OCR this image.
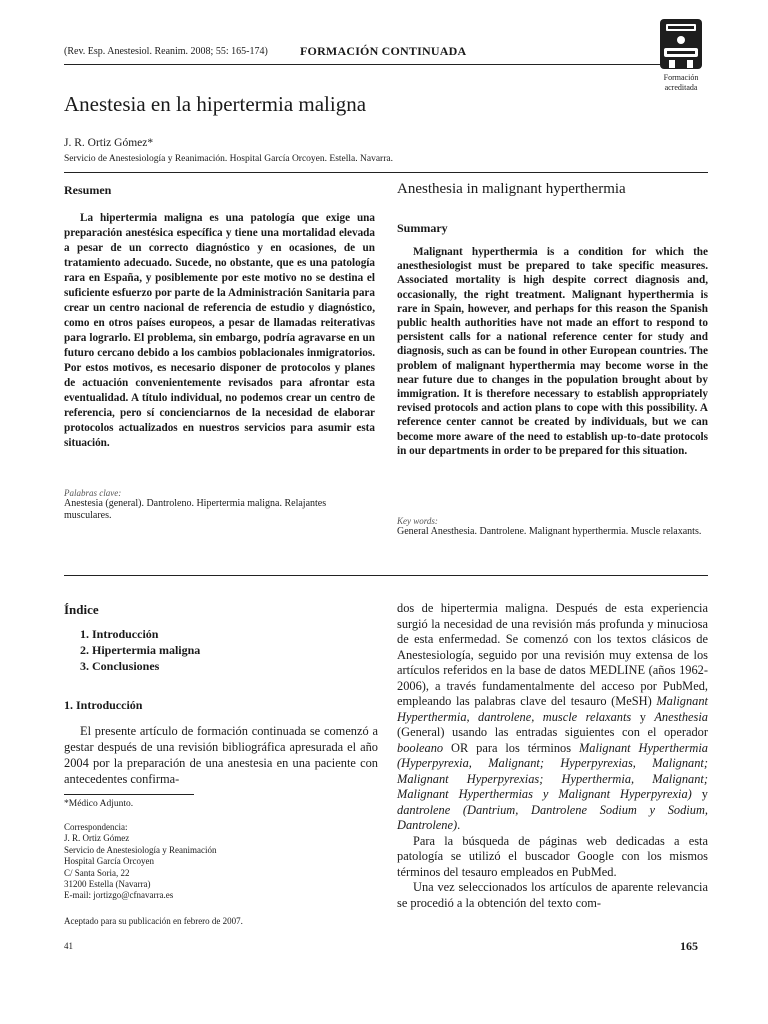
(Rev. Esp. Anestesiol. Reanim. 2008; 55: 165-174)	FORMACIÓN CONTINUADA
Formación
acreditada
Anestesia en la hipertermia maligna
J. R. Ortiz Gómez*
Servicio de Anestesiología y Reanimación. Hospital García Orcoyen. Estella. Navarra.
Resumen
La hipertermia maligna es una patología que exige una preparación anestésica específica y tiene una mortalidad elevada a pesar de un correcto diagnóstico y en ocasiones, de un tratamiento adecuado. Sucede, no obstante, que es una patología rara en España, y posiblemente por este motivo no se destina el suficiente esfuerzo por parte de la Administración Sanitaria para crear un centro nacional de referencia de estudio y diagnóstico, como en otros países europeos, a pesar de llamadas reiterativas para lograrlo. El problema, sin embargo, podría agravarse en un futuro cercano debido a los cambios poblacionales inmigratorios. Por estos motivos, es necesario disponer de protocolos y planes de actuación convenientemente revisados para afrontar esta eventualidad. A título individual, no podemos crear un centro de referencia, pero sí concienciarnos de la necesidad de elaborar protocolos actualizados en nuestros servicios para asumir esta situación.
Palabras clave:
Anestesia (general). Dantroleno. Hipertermia maligna. Relajantes musculares.
Anesthesia in malignant hyperthermia
Summary
Malignant hyperthermia is a condition for which the anesthesiologist must be prepared to take specific measures. Associated mortality is high despite correct diagnosis and, occasionally, the right treatment. Malignant hyperthermia is rare in Spain, however, and perhaps for this reason the Spanish public health authorities have not made an effort to respond to persistent calls for a national reference center for study and diagnosis, such as can be found in other European countries. The problem of malignant hyperthermia may become worse in the near future due to changes in the population brought about by immigration. It is therefore necessary to establish appropriately revised protocols and action plans to cope with this possibility. A reference center cannot be created by individuals, but we can become more aware of the need to establish up-to-date protocols in our departments in order to be prepared for this situation.
Key words:
General Anesthesia. Dantrolene. Malignant hyperthermia. Muscle relaxants.
Índice
1. Introducción
2. Hipertermia maligna
3. Conclusiones
1. Introducción

El presente artículo de formación continuada se comenzó a gestar después de una revisión bibliográfica apresurada el año 2004 por la preparación de una anestesia en una paciente con antecedentes confirma-

*Médico Adjunto.
Correspondencia:
J. R. Ortiz Gómez
Servicio de Anestesiología y Reanimación
Hospital García Orcoyen
C/ Santa Soria, 22
31200 Estella (Navarra)
E-mail: jortizgo@cfnavarra.es
Aceptado para su publicación en febrero de 2007.
41

dos de hipertermia maligna. Después de esta experiencia surgió la necesidad de una revisión más profunda y minuciosa de esta enfermedad. Se comenzó con los textos clásicos de Anestesiología, seguido por una revisión muy extensa de los artículos referidos en la base de datos MEDLINE (años 1962-2006), a través fundamentalmente del acceso por PubMed, empleando las palabras clave del tesauro (MeSH) Malignant Hyperthermia, dantrolene, muscle relaxants y Anesthesia (General) usando las entradas siguientes con el operador booleano OR para los términos Malignant Hyperthermia (Hyperpyrexia, Malignant; Hyperpyrexias, Malignant; Malignant Hyperpyrexias; Hyperthermia, Malignant; Malignant Hyperthermias y Malignant Hyperpyrexia) y dantrolene (Dantrium, Dantrolene Sodium y Sodium, Dantrolene).

Para la búsqueda de páginas web dedicadas a esta patología se utilizó el buscador Google con los mismos términos del tesauro empleados en PubMed.

Una vez seleccionados los artículos de aparente relevancia se procedió a la obtención del texto com-

165
